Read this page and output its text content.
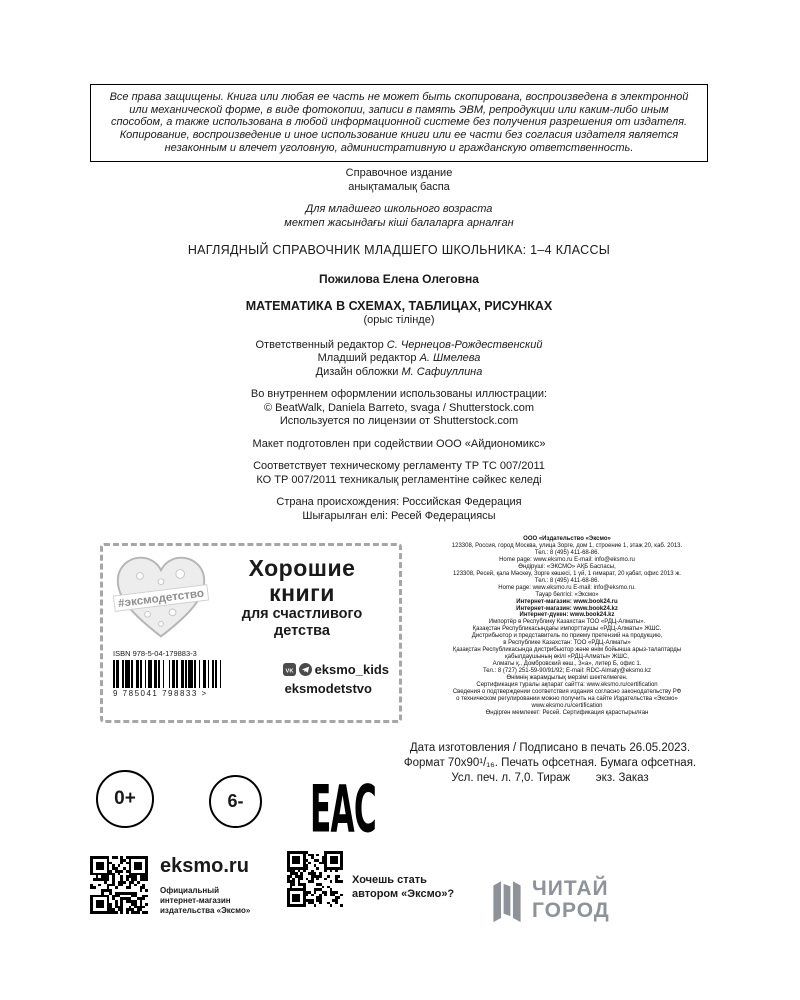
Все права защищены. Книга или любая ее часть не может быть скопирована, воспроизведена в электронной или механической форме, в виде фотокопии, записи в память ЭВМ, репродукции или каким-либо иным способом, а также использована в любой информационной системе без получения разрешения от издателя. Копирование, воспроизведение и иное использование книги или ее части без согласия издателя является незаконным и влечет уголовную, административную и гражданскую ответственность.
Справочное издание
анықтамалық баспа
Для младшего школьного возраста
мектеп жасындағы кіші балаларға арналған
НАГЛЯДНЫЙ СПРАВОЧНИК МЛАДШЕГО ШКОЛЬНИКА: 1–4 КЛАССЫ
Пожилова Елена Олеговна
МАТЕМАТИКА В СХЕМАХ, ТАБЛИЦАХ, РИСУНКАХ
(орыс тілінде)
Ответственный редактор С. Чернецов-Рождественский
Младший редактор А. Шмелева
Дизайн обложки М. Сафиуллина
Во внутреннем оформлении использованы иллюстрации:
© BeatWalk, Daniela Barreto, svaga / Shutterstock.com
Используется по лицензии от Shutterstock.com
Макет подготовлен при содействии ООО «Айдиономикс»
Соответствует техническому регламенту ТР ТС 007/2011
КО ТР 007/2011 техникалық регламентіне сәйкес келеді
Страна происхождения: Российская Федерация
Шығарылған елі: Ресей Федерациясы
#эксмодетство
Хорошие
книги
для счастливого
детства
ISBN 978-5-04-179883-3
9 785041 798833 >
VK eksmo_kids
eksmodetstvo
ООО «Издательство «Эксмо»
123308, Россия, город Москва, улица Зорге, дом 1, строение 1, этаж 20, каб. 2013.
Тел.: 8 (495) 411-68-86.
Home page: www.eksmo.ru E-mail: info@eksmo.ru
Өндіруші: «ЭКСМО» АҚБ Баспасы,
123308, Ресей, қала Мәскеу, Зорге көшесі, 1 үй, 1 ғимарат, 20 қабат, офис 2013 ж.
Тел.: 8 (495) 411-68-86.
Home page: www.eksmo.ru E-mail: info@eksmo.ru.
Тауар белгісі: «Эксмо»
Интернет-магазин: www.book24.ru
Интернет-магазин: www.book24.kz
Интернет-дүкен: www.book24.kz
Импортёр в Республику Казахстан ТОО «РДЦ-Алматы».
Қазақстан Республикасындағы импорттаушы «РДЦ-Алматы» ЖШС.
Дистрибьютор и представитель по приему претензий на продукцию,
в Республике Казахстан: ТОО «РДЦ-Алматы»
Қазақстан Республикасында дистрибьютор және өнім бойынша арыз-талаптарды
қабылдаушының өкілі «РДЦ-Алматы» ЖШС,
Алматы қ., Домбровский көш., 3«а», литер Б, офис 1.
Тел.: 8 (727) 251-59-90/91/92; E-mail: RDC-Almaty@eksmo.kz
Өнімнің жарамдылық мерзімі шектелмеген.
Сертификация туралы ақпарат сайтта: www.eksmo.ru/certification
Сведения о подтверждении соответствия издания согласно законодательству РФ
о техническом регулировании можно получить на сайте Издательства «Эксмо»
www.eksmo.ru/certification
Өндірген мемлекет: Ресей. Сертификация қарастырылған
Дата изготовления / Подписано в печать 26.05.2023.
Формат 70x90¹/₁₆. Печать офсетная. Бумага офсетная.
Усл. печ. л. 7,0. Тираж        экз. Заказ
0+	6-	ЕАС
eksmo.ru
Официальный
интернет-магазин
издательства «Эксмо»
Хочешь стать
автором «Эксмо»?	ЧИТАЙ
ГОРОД
